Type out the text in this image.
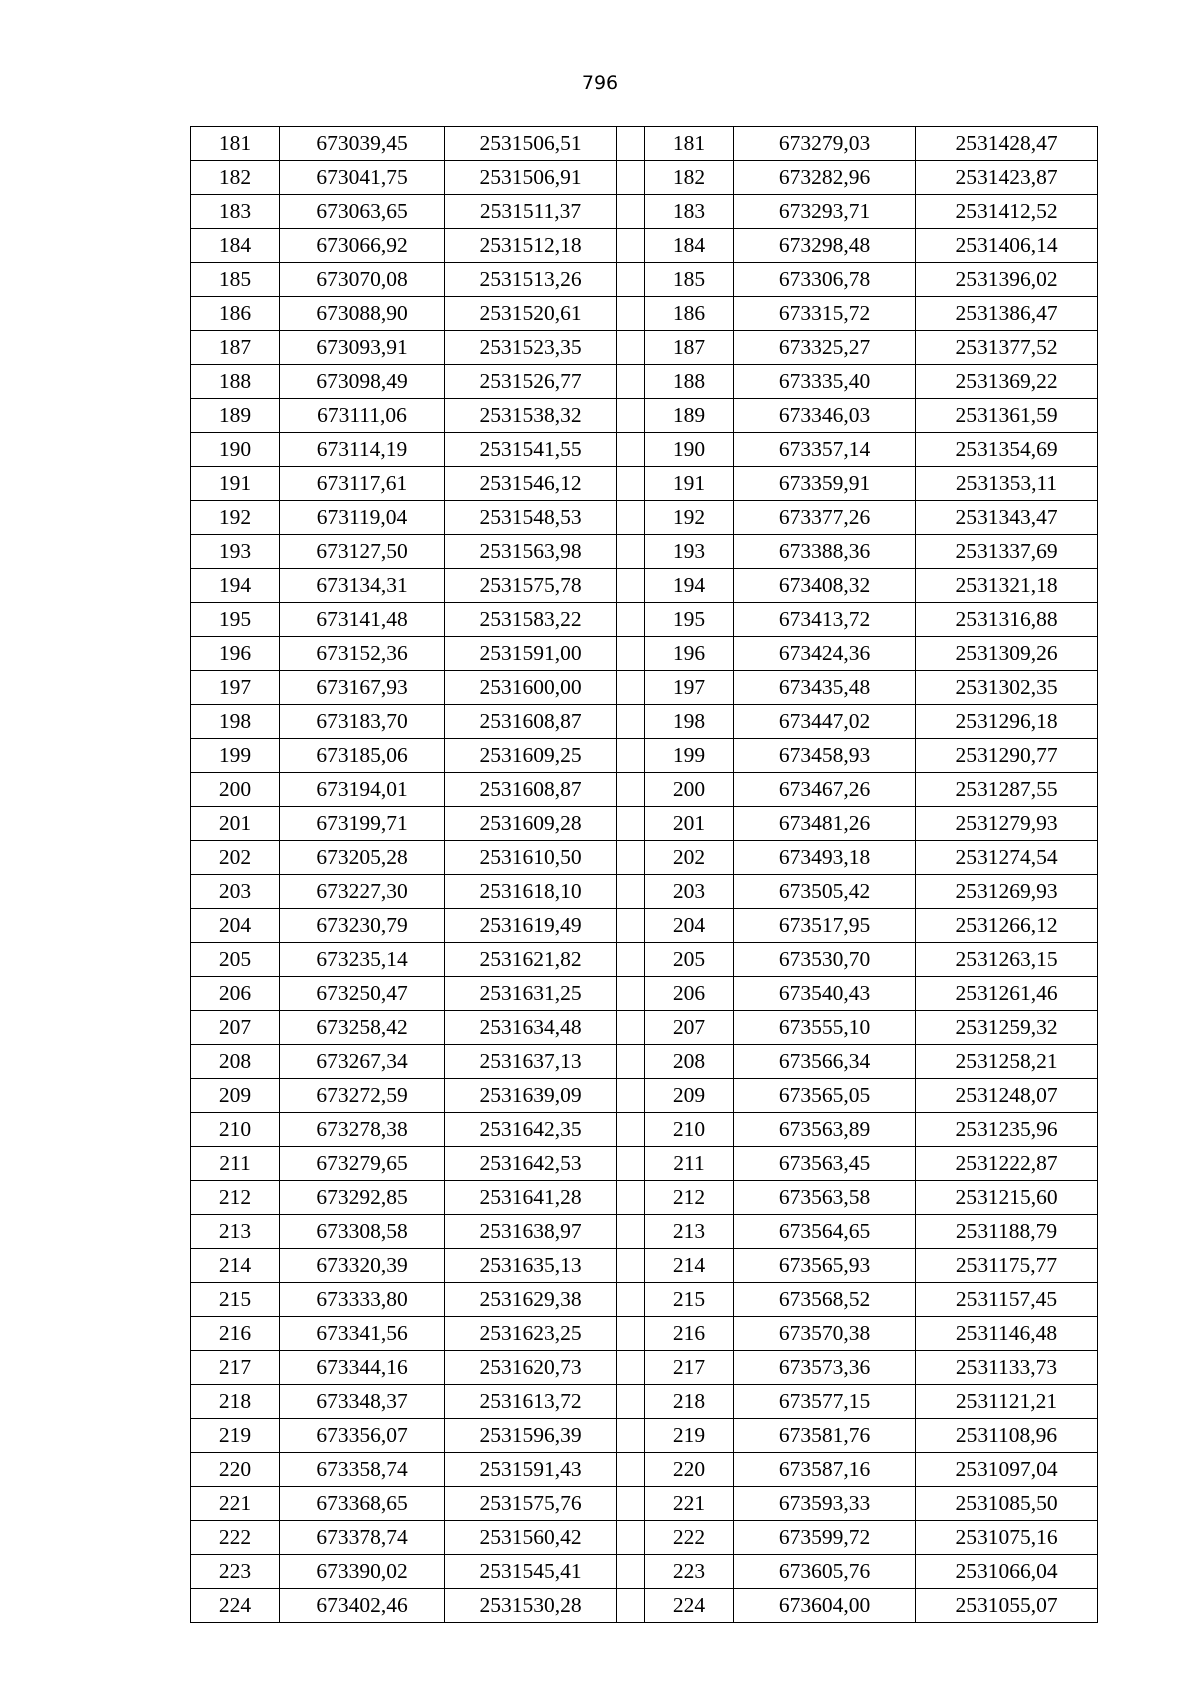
796
181	673039,45	2531506,51		181	673279,03	2531428,47
182	673041,75	2531506,91		182	673282,96	2531423,87
183	673063,65	2531511,37		183	673293,71	2531412,52
184	673066,92	2531512,18		184	673298,48	2531406,14
185	673070,08	2531513,26		185	673306,78	2531396,02
186	673088,90	2531520,61		186	673315,72	2531386,47
187	673093,91	2531523,35		187	673325,27	2531377,52
188	673098,49	2531526,77		188	673335,40	2531369,22
189	673111,06	2531538,32		189	673346,03	2531361,59
190	673114,19	2531541,55		190	673357,14	2531354,69
191	673117,61	2531546,12		191	673359,91	2531353,11
192	673119,04	2531548,53		192	673377,26	2531343,47
193	673127,50	2531563,98		193	673388,36	2531337,69
194	673134,31	2531575,78		194	673408,32	2531321,18
195	673141,48	2531583,22		195	673413,72	2531316,88
196	673152,36	2531591,00		196	673424,36	2531309,26
197	673167,93	2531600,00		197	673435,48	2531302,35
198	673183,70	2531608,87		198	673447,02	2531296,18
199	673185,06	2531609,25		199	673458,93	2531290,77
200	673194,01	2531608,87		200	673467,26	2531287,55
201	673199,71	2531609,28		201	673481,26	2531279,93
202	673205,28	2531610,50		202	673493,18	2531274,54
203	673227,30	2531618,10		203	673505,42	2531269,93
204	673230,79	2531619,49		204	673517,95	2531266,12
205	673235,14	2531621,82		205	673530,70	2531263,15
206	673250,47	2531631,25		206	673540,43	2531261,46
207	673258,42	2531634,48		207	673555,10	2531259,32
208	673267,34	2531637,13		208	673566,34	2531258,21
209	673272,59	2531639,09		209	673565,05	2531248,07
210	673278,38	2531642,35		210	673563,89	2531235,96
211	673279,65	2531642,53		211	673563,45	2531222,87
212	673292,85	2531641,28		212	673563,58	2531215,60
213	673308,58	2531638,97		213	673564,65	2531188,79
214	673320,39	2531635,13		214	673565,93	2531175,77
215	673333,80	2531629,38		215	673568,52	2531157,45
216	673341,56	2531623,25		216	673570,38	2531146,48
217	673344,16	2531620,73		217	673573,36	2531133,73
218	673348,37	2531613,72		218	673577,15	2531121,21
219	673356,07	2531596,39		219	673581,76	2531108,96
220	673358,74	2531591,43		220	673587,16	2531097,04
221	673368,65	2531575,76		221	673593,33	2531085,50
222	673378,74	2531560,42		222	673599,72	2531075,16
223	673390,02	2531545,41		223	673605,76	2531066,04
224	673402,46	2531530,28		224	673604,00	2531055,07
